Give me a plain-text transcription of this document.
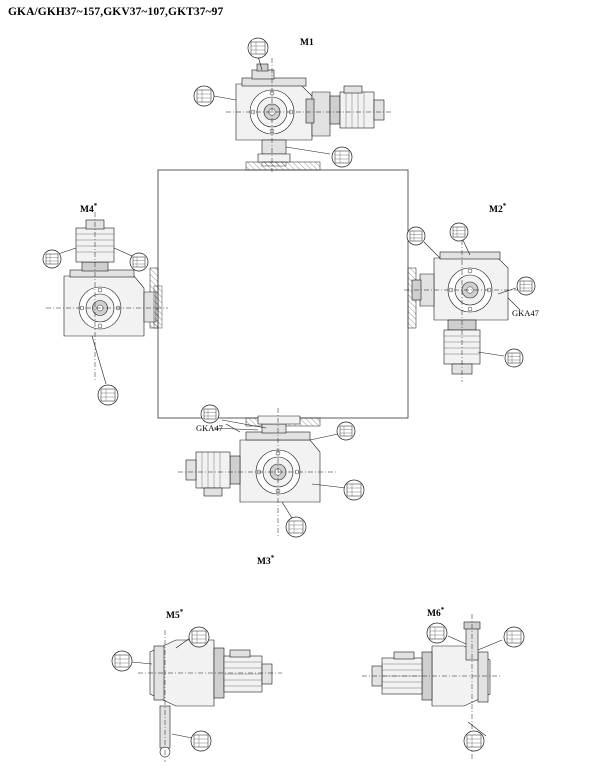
GKA/GKH37~157,GKV37~107,GKT37~97
M1
M2*
M3*
M4*
M5*	M6*
GKA47
GKA47
